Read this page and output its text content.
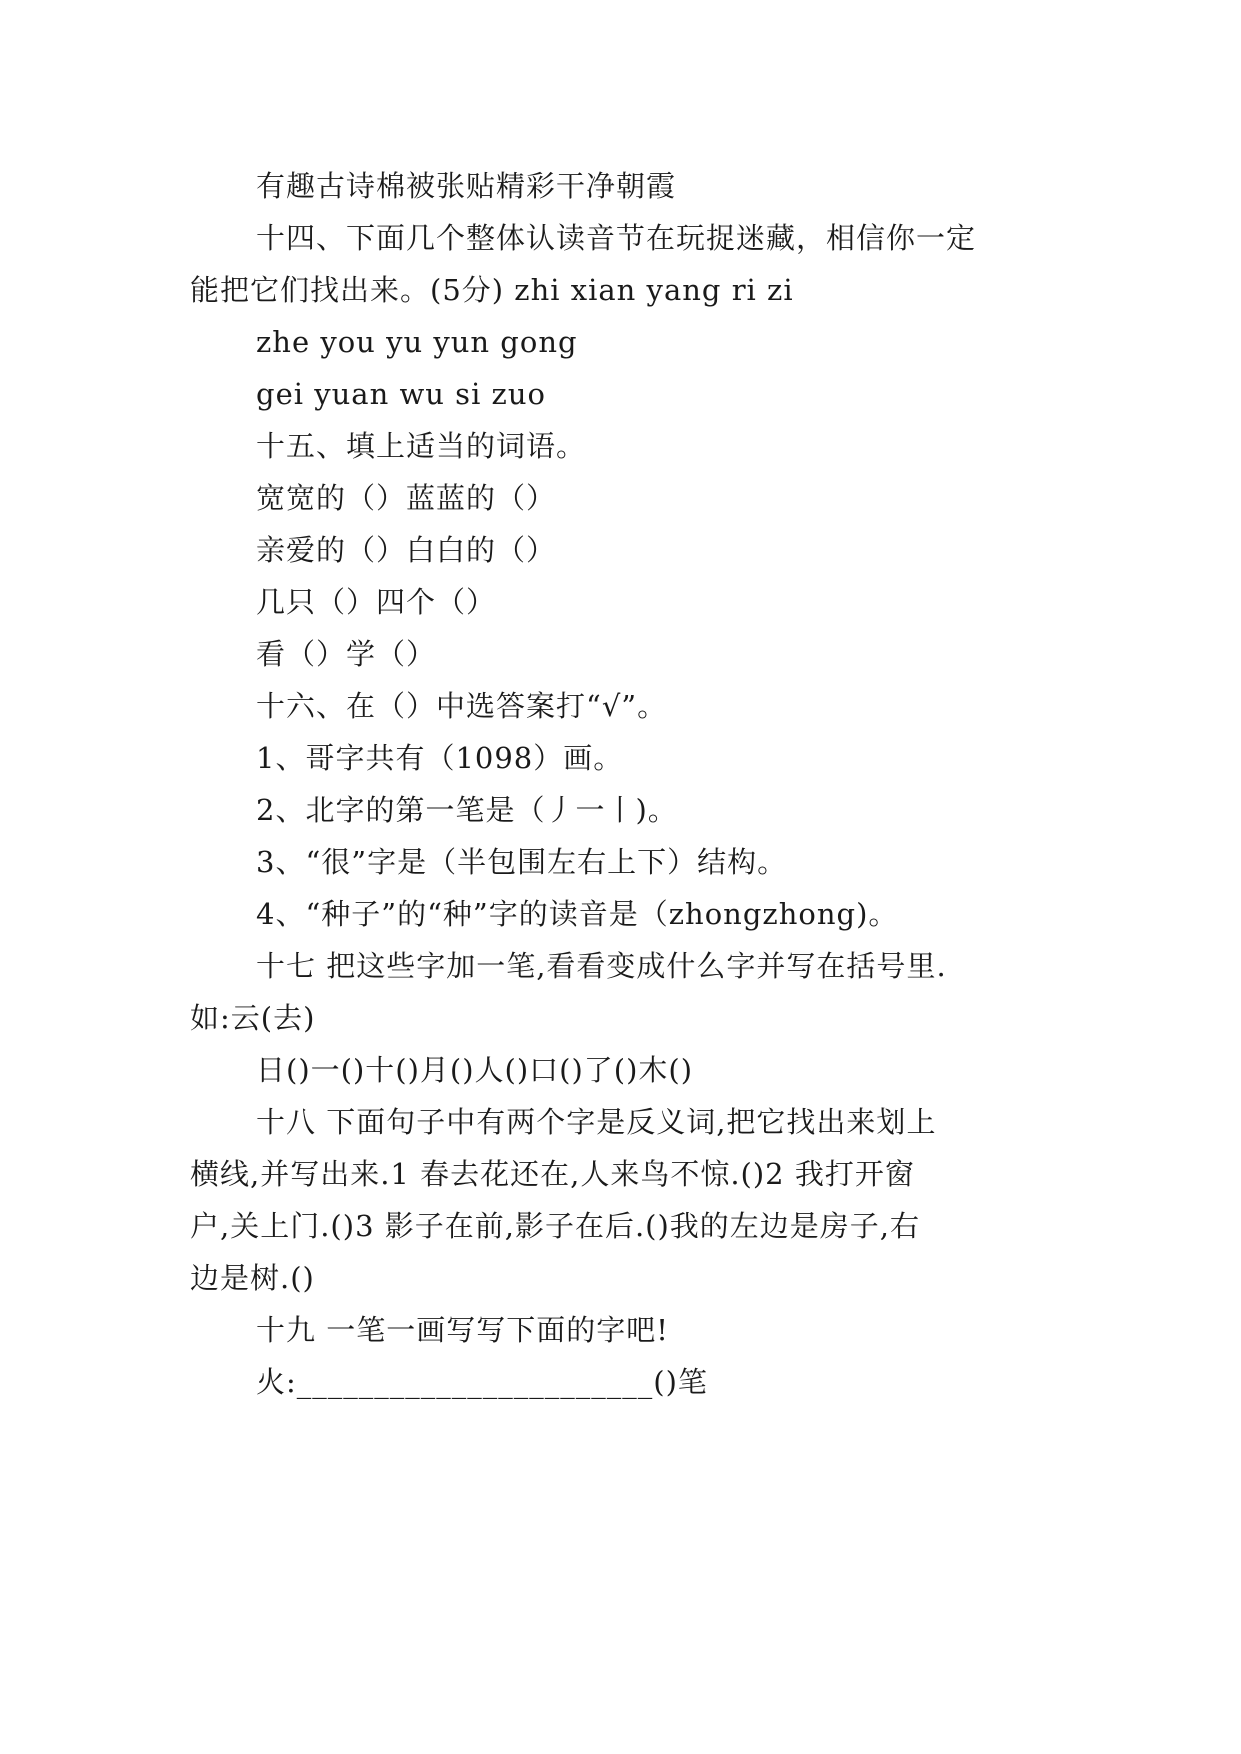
有趣古诗棉被张贴精彩干净朝霞
十四、下面几个整体认读音节在玩捉迷藏，相信你一定
能把它们找出来。(5分) zhi xian yang ri zi
zhe you yu yun gong
gei yuan wu si zuo
十五、填上适当的词语。
宽宽的（）蓝蓝的（）
亲爱的（）白白的（）
几只（）四个（）
看（）学（）
十六、在（）中选答案打“√”。
1、哥字共有（1098）画。
2、北字的第一笔是（丿一丨)。
3、“很”字是（半包围左右上下）结构。
4、“种子”的“种”字的读音是（zhongzhong)。
十七 把这些字加一笔,看看变成什么字并写在括号里.
如:云(去)
日()一()十()月()人()口()了()木()
十八 下面句子中有两个字是反义词,把它找出来划上
横线,并写出来.1 春去花还在,人来鸟不惊.()2 我打开窗
户,关上门.()3 影子在前,影子在后.()我的左边是房子,右
边是树.()
十九 一笔一画写写下面的字吧!
火:_______________________()笔
